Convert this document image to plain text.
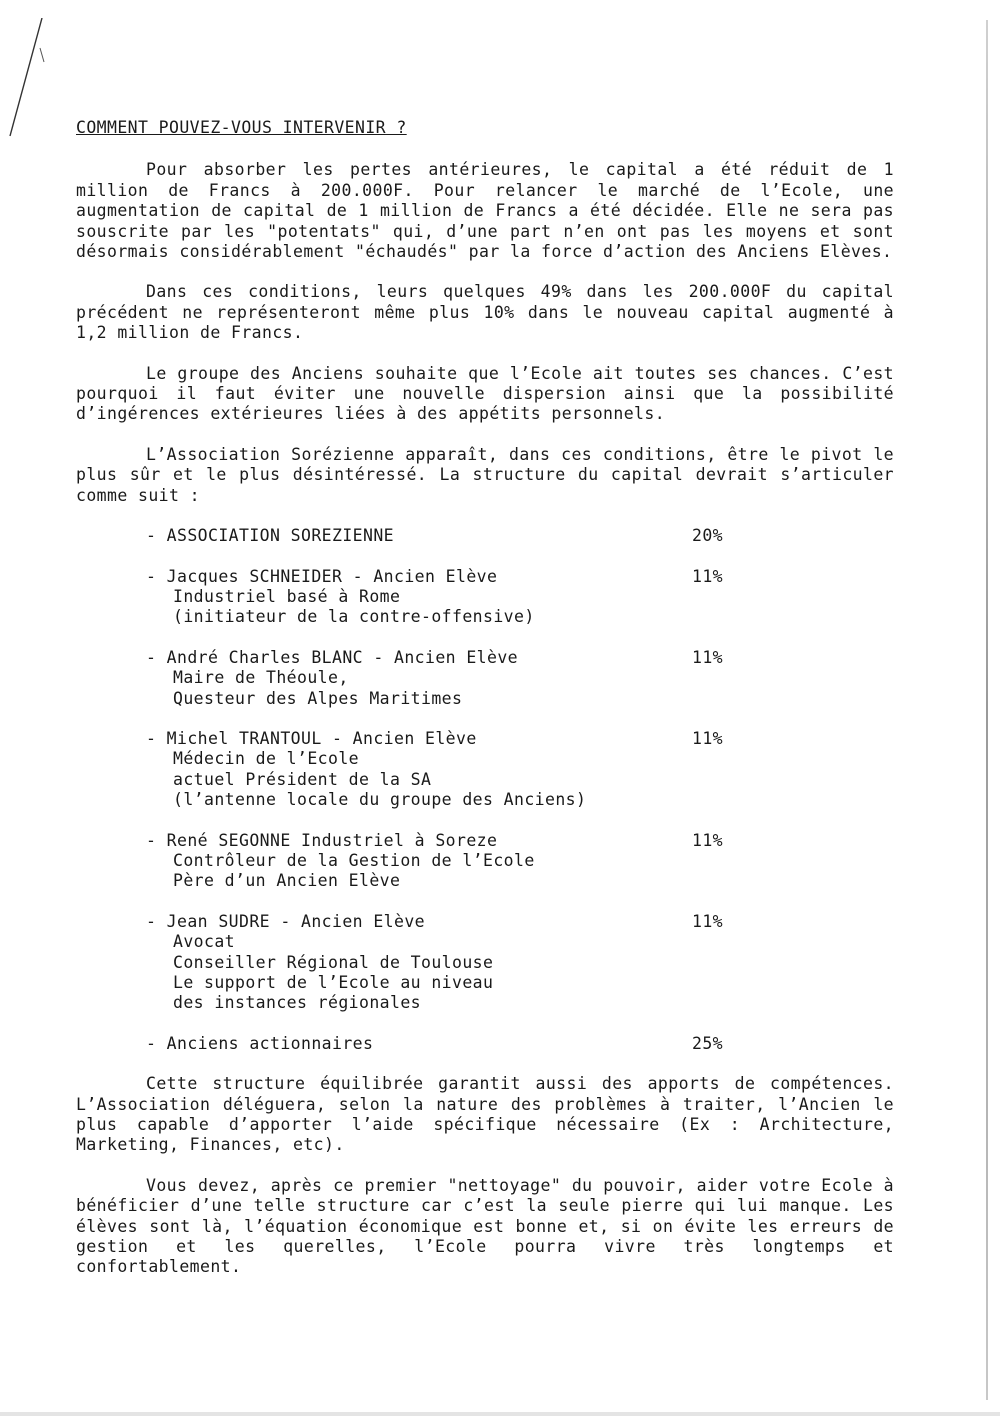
COMMENT POUVEZ-VOUS INTERVENIR ?

Pour absorber les pertes antérieures, le capital a été réduit de 1 million de Francs à 200.000F. Pour relancer le marché de l’Ecole, une augmentation de capital de 1 million de Francs a été décidée. Elle ne sera pas souscrite par les "potentats" qui, d’une part n’en ont pas les moyens et sont désormais considérablement "échaudés" par la force d’action des Anciens Elèves.

Dans ces conditions, leurs quelques 49% dans les 200.000F du capital précédent ne représenteront même plus 10% dans le nouveau capital augmenté à 1,2 million de Francs.

Le groupe des Anciens souhaite que l’Ecole ait toutes ses chances. C’est pourquoi il faut éviter une nouvelle dispersion ainsi que la possibilité d’ingérences extérieures liées à des appétits personnels.

L’Association Sorézienne apparaît, dans ces conditions, être le pivot le plus sûr et le plus désintéressé. La structure du capital devrait s’articuler comme suit :

- ASSOCIATION SOREZIENNE	20%
- Jacques SCHNEIDER - Ancien Elève
Industriel basé à Rome
(initiateur de la contre-offensive)
11%
- André Charles BLANC - Ancien Elève
Maire de Théoule,
Questeur des Alpes Maritimes
11%
- Michel TRANTOUL - Ancien Elève
Médecin de l’Ecole
actuel Président de la SA
(l’antenne locale du groupe des Anciens)
11%
- René SEGONNE Industriel à Soreze
Contrôleur de la Gestion de l’Ecole
Père d’un Ancien Elève
11%
- Jean SUDRE - Ancien Elève
Avocat
Conseiller Régional de Toulouse
Le support de l’Ecole au niveau
des instances régionales
11%
- Anciens actionnaires	25%

Cette structure équilibrée garantit aussi des apports de compétences. L’Association déléguera, selon la nature des problèmes à traiter, l’Ancien le plus capable d’apporter l’aide spécifique nécessaire (Ex : Architecture, Marketing, Finances, etc).

Vous devez, après ce premier "nettoyage" du pouvoir, aider votre Ecole à bénéficier d’une telle structure car c’est la seule pierre qui lui manque. Les élèves sont là, l’équation économique est bonne et, si on évite les erreurs de gestion et les querelles, l’Ecole pourra vivre très longtemps et confortablement.
